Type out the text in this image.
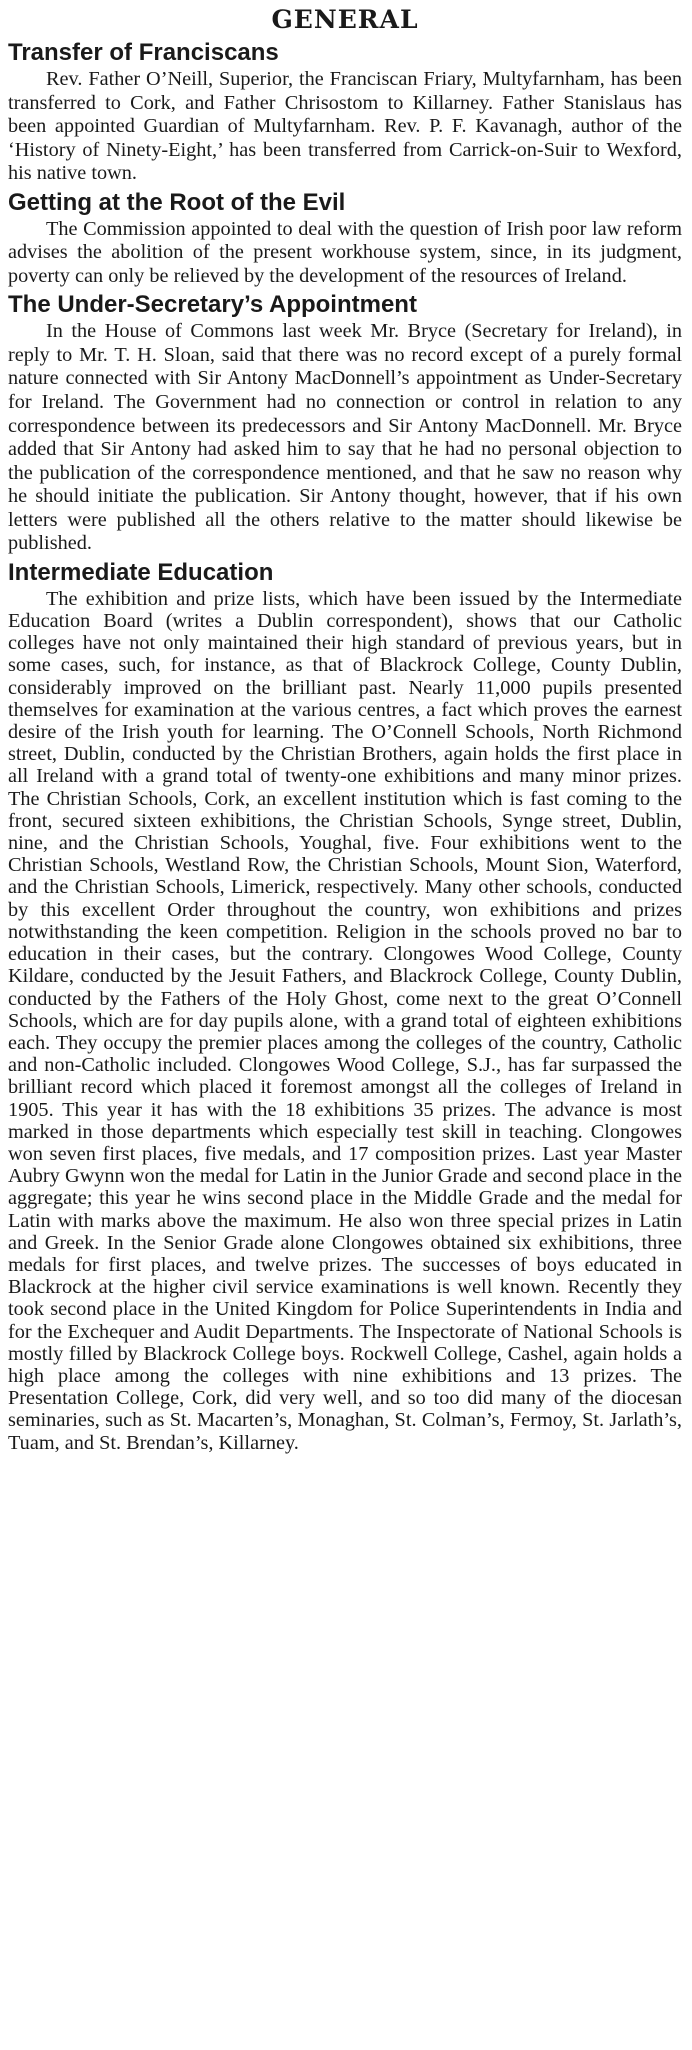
GENERAL
Transfer of Franciscans

Rev. Father O’Neill, Superior, the Franciscan Friary, Multyfarnham, has been transferred to Cork, and Father Chrisostom to Killarney. Father Stanislaus has been appointed Guardian of Multyfarnham. Rev. P. F. Kavanagh, author of the ‘History of Ninety-Eight,’ has been transferred from Carrick-on-Suir to Wexford, his native town.

Getting at the Root of the Evil

The Commission appointed to deal with the question of Irish poor law reform advises the abolition of the present workhouse system, since, in its judgment, poverty can only be relieved by the development of the resources of Ireland.

The Under-Secretary’s Appointment

In the House of Commons last week Mr. Bryce (Secretary for Ireland), in reply to Mr. T. H. Sloan, said that there was no record except of a purely formal nature connected with Sir Antony MacDonnell’s appointment as Under-Secretary for Ireland. The Government had no connection or control in relation to any correspondence between its predecessors and Sir Antony MacDonnell. Mr. Bryce added that Sir Antony had asked him to say that he had no personal objection to the publication of the correspondence mentioned, and that he saw no reason why he should initiate the publication. Sir Antony thought, however, that if his own letters were published all the others relative to the matter should likewise be published.

Intermediate Education

The exhibition and prize lists, which have been issued by the Intermediate Education Board (writes a Dublin correspondent), shows that our Catholic colleges have not only maintained their high standard of previous years, but in some cases, such, for instance, as that of Blackrock College, County Dublin, considerably improved on the brilliant past. Nearly 11,000 pupils presented themselves for examination at the various centres, a fact which proves the earnest desire of the Irish youth for learning. The O’Connell Schools, North Richmond street, Dublin, conducted by the Christian Brothers, again holds the first place in all Ireland with a grand total of twenty-one exhibitions and many minor prizes. The Christian Schools, Cork, an excellent institution which is fast coming to the front, secured sixteen exhibitions, the Christian Schools, Synge street, Dublin, nine, and the Christian Schools, Youghal, five. Four exhibitions went to the Christian Schools, Westland Row, the Christian Schools, Mount Sion, Waterford, and the Christian Schools, Limerick, respectively. Many other schools, conducted by this excellent Order throughout the country, won exhibitions and prizes notwithstanding the keen competition. Religion in the schools proved no bar to education in their cases, but the contrary. Clongowes Wood College, County Kildare, conducted by the Jesuit Fathers, and Blackrock College, County Dublin, conducted by the Fathers of the Holy Ghost, come next to the great O’Connell Schools, which are for day pupils alone, with a grand total of eighteen exhibitions each. They occupy the premier places among the colleges of the country, Catholic and non-Catholic included. Clongowes Wood College, S.J., has far surpassed the brilliant record which placed it foremost amongst all the colleges of Ireland in 1905. This year it has with the 18 exhibitions 35 prizes. The advance is most marked in those departments which especially test skill in teaching. Clongowes won seven first places, five medals, and 17 composition prizes. Last year Master Aubry Gwynn won the medal for Latin in the Junior Grade and second place in the aggregate; this year he wins second place in the Middle Grade and the medal for Latin with marks above the maximum. He also won three special prizes in Latin and Greek. In the Senior Grade alone Clongowes obtained six exhibitions, three medals for first places, and twelve prizes. The successes of boys educated in Blackrock at the higher civil service examinations is well known. Recently they took second place in the United Kingdom for Police Superintendents in India and for the Exchequer and Audit Departments. The Inspectorate of National Schools is mostly filled by Blackrock College boys. Rockwell College, Cashel, again holds a high place among the colleges with nine exhibitions and 13 prizes. The Presentation College, Cork, did very well, and so too did many of the diocesan seminaries, such as St. Macarten’s, Monaghan, St. Colman’s, Fermoy, St. Jarlath’s, Tuam, and St. Brendan’s, Killarney.
